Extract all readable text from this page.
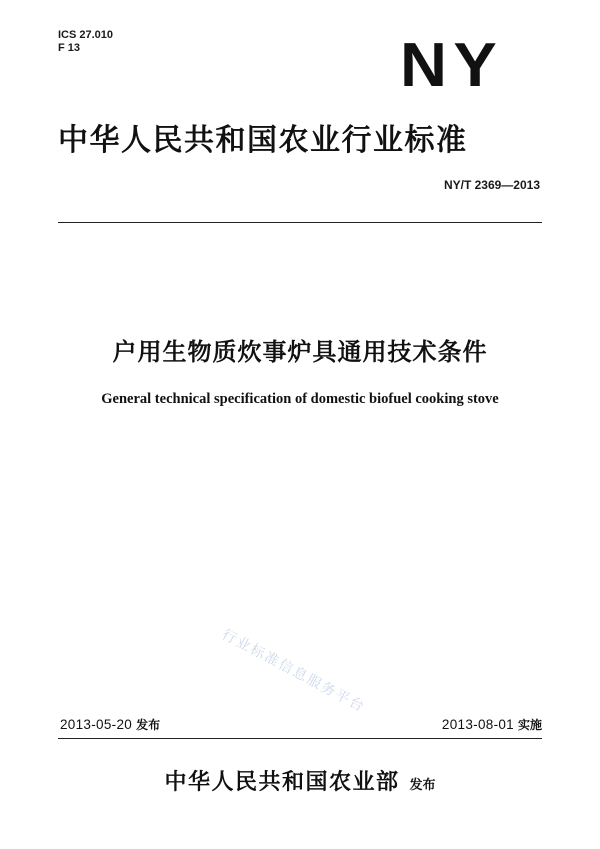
ICS 27.010
F 13	NY
中华人民共和国农业行业标准
NY/T 2369—2013
户用生物质炊事炉具通用技术条件
General technical specification of domestic biofuel cooking stove
行业标准信息服务平台
2013-05-20 发布	2013-08-01 实施
中华人民共和国农业部 发布
